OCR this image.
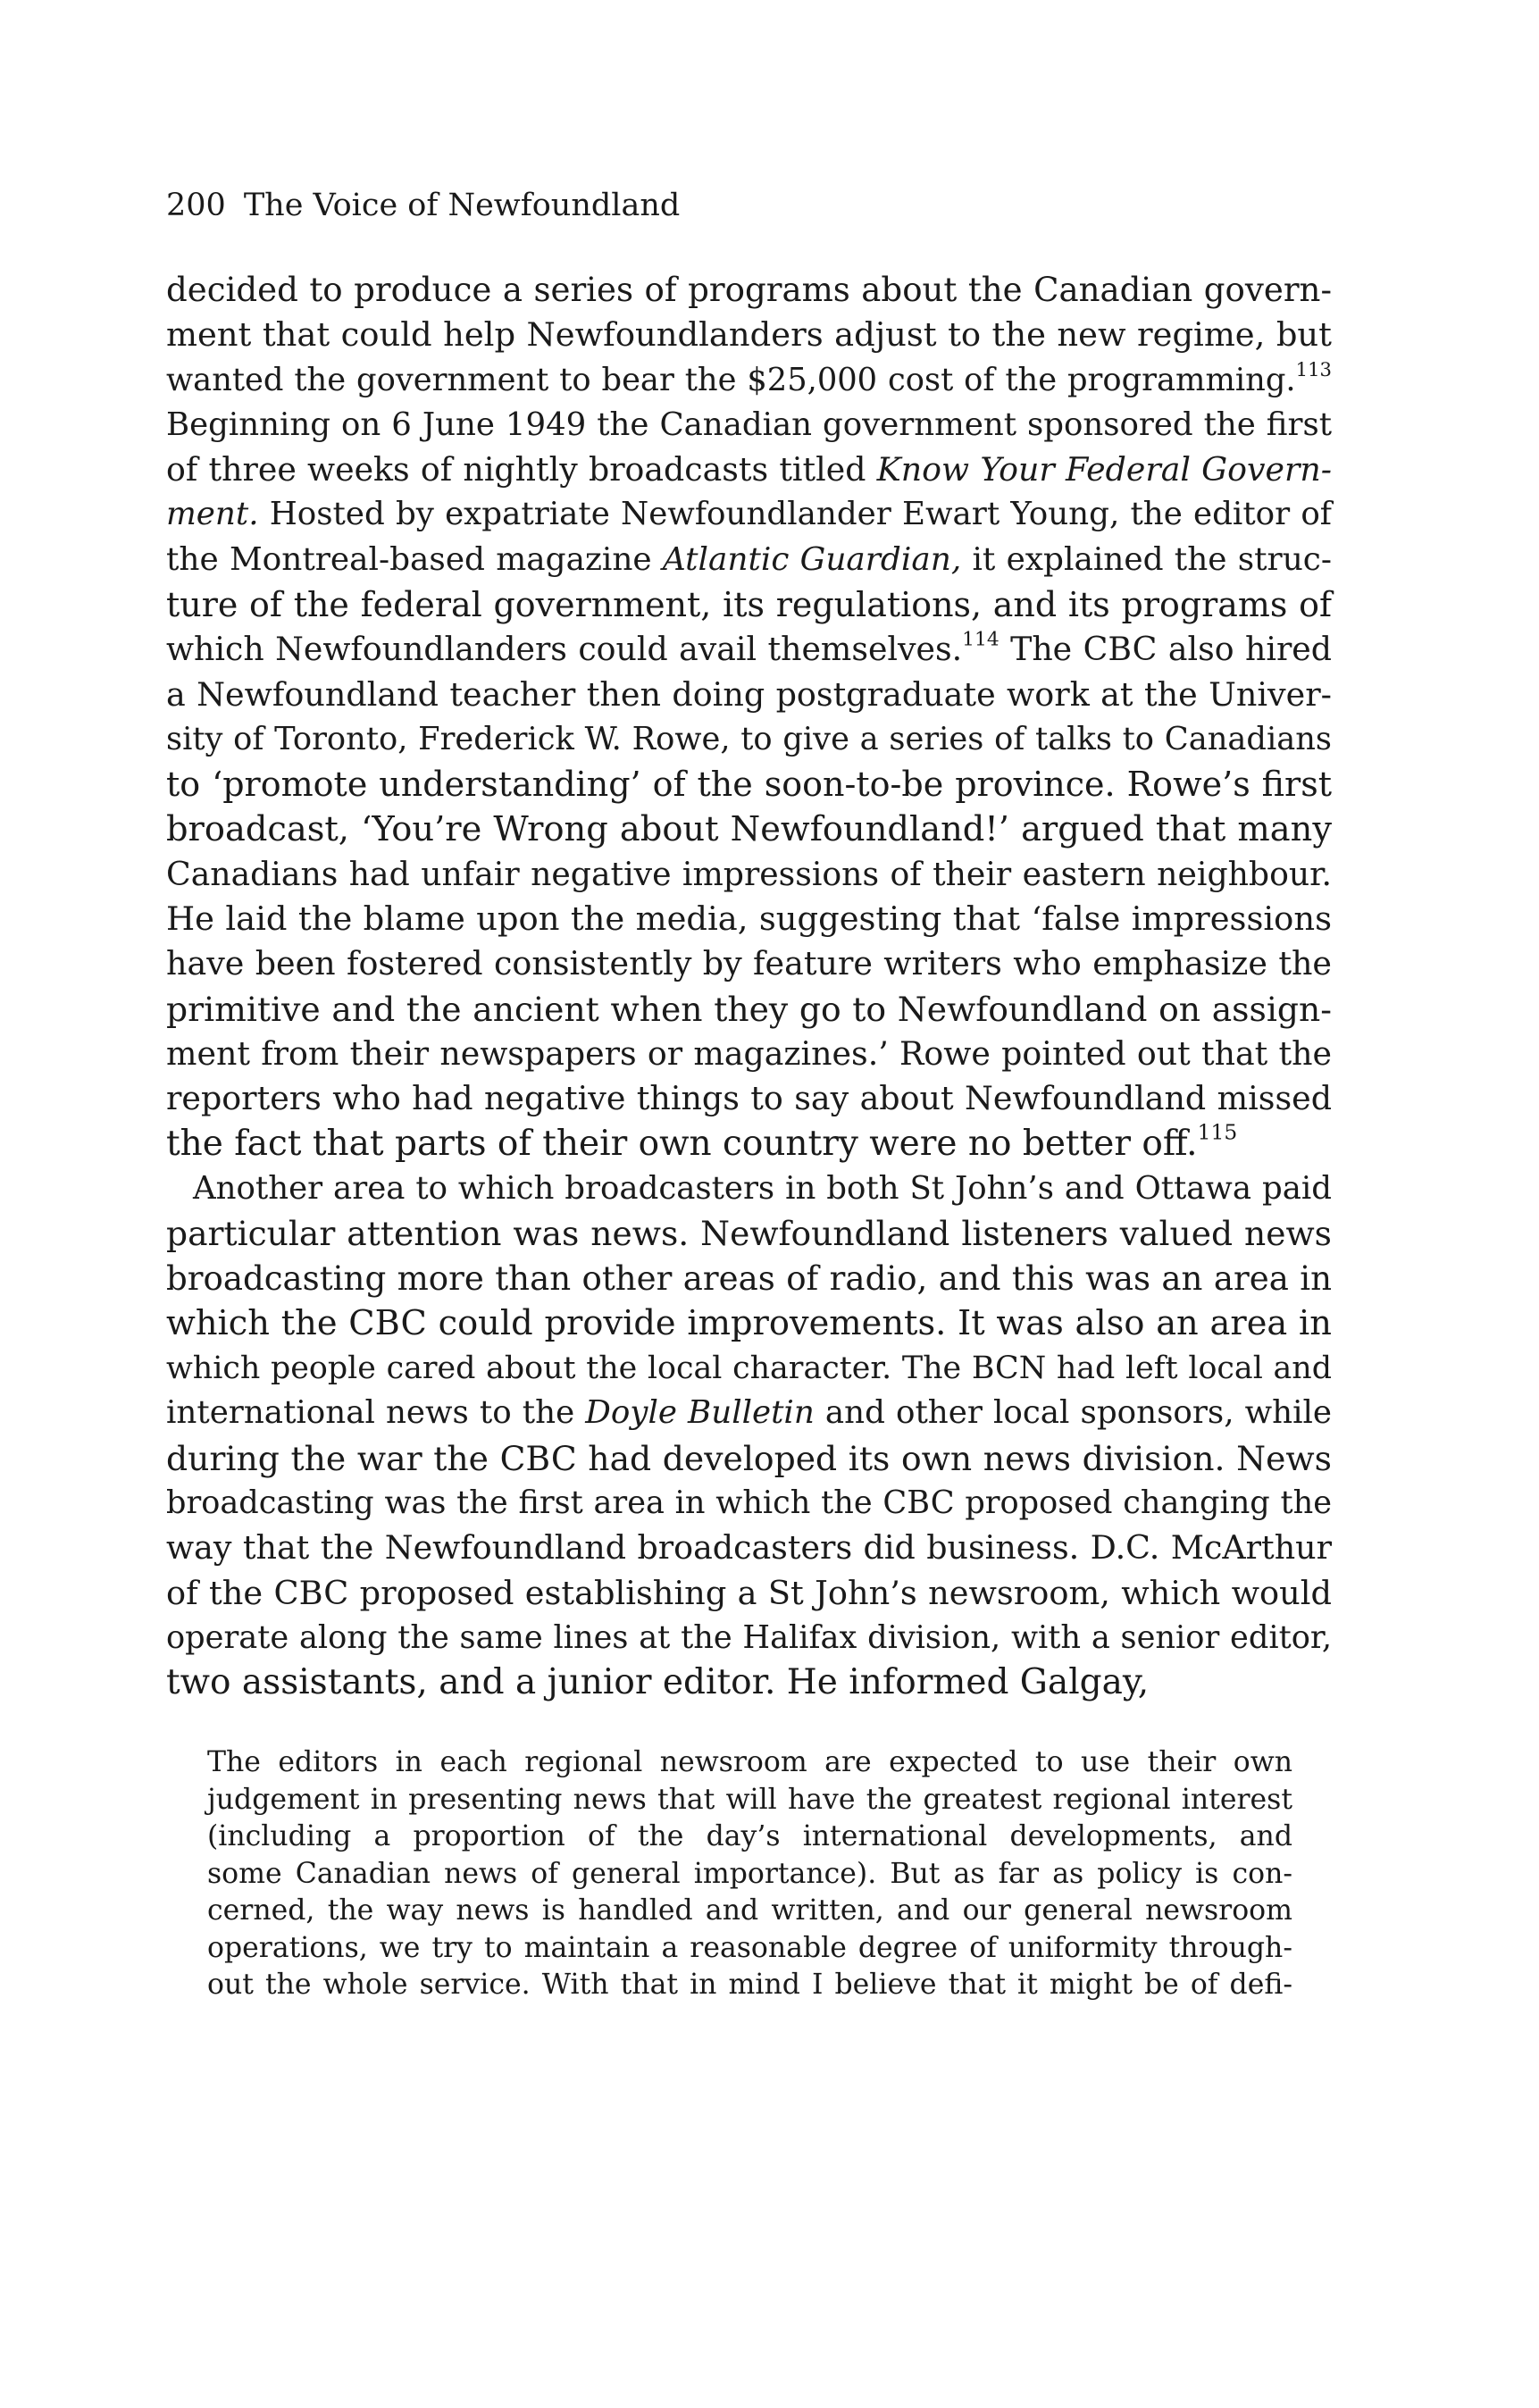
200 The Voice of Newfoundland
decided to produce a series of programs about the Canadian govern-
ment that could help Newfoundlanders adjust to the new regime, but
wanted the government to bear the $25,000 cost of the programming.$^{113}$
Beginning on 6 June 1949 the Canadian government sponsored the first
of three weeks of nightly broadcasts titled Know Your Federal Govern-
ment. Hosted by expatriate Newfoundlander Ewart Young, the editor of
the Montreal-based magazine Atlantic Guardian, it explained the struc-
ture of the federal government, its regulations, and its programs of
which Newfoundlanders could avail themselves.$^{114}$ The CBC also hired
a Newfoundland teacher then doing postgraduate work at the Univer-
sity of Toronto, Frederick W. Rowe, to give a series of talks to Canadians
to ‘promote understanding’ of the soon-to-be province. Rowe’s first
broadcast, ‘You’re Wrong about Newfoundland!’ argued that many
Canadians had unfair negative impressions of their eastern neighbour.
He laid the blame upon the media, suggesting that ‘false impressions
have been fostered consistently by feature writers who emphasize the
primitive and the ancient when they go to Newfoundland on assign-
ment from their newspapers or magazines.’ Rowe pointed out that the
reporters who had negative things to say about Newfoundland missed
the fact that parts of their own country were no better off.$^{115}$
Another area to which broadcasters in both St John’s and Ottawa paid
particular attention was news. Newfoundland listeners valued news
broadcasting more than other areas of radio, and this was an area in
which the CBC could provide improvements. It was also an area in
which people cared about the local character. The BCN had left local and
international news to the Doyle Bulletin and other local sponsors, while
during the war the CBC had developed its own news division. News
broadcasting was the first area in which the CBC proposed changing the
way that the Newfoundland broadcasters did business. D.C. McArthur
of the CBC proposed establishing a St John’s newsroom, which would
operate along the same lines at the Halifax division, with a senior editor,
two assistants, and a junior editor. He informed Galgay,
The editors in each regional newsroom are expected to use their own
judgement in presenting news that will have the greatest regional interest
(including a proportion of the day’s international developments, and
some Canadian news of general importance). But as far as policy is con-
cerned, the way news is handled and written, and our general newsroom
operations, we try to maintain a reasonable degree of uniformity through-
out the whole service. With that in mind I believe that it might be of defi-
